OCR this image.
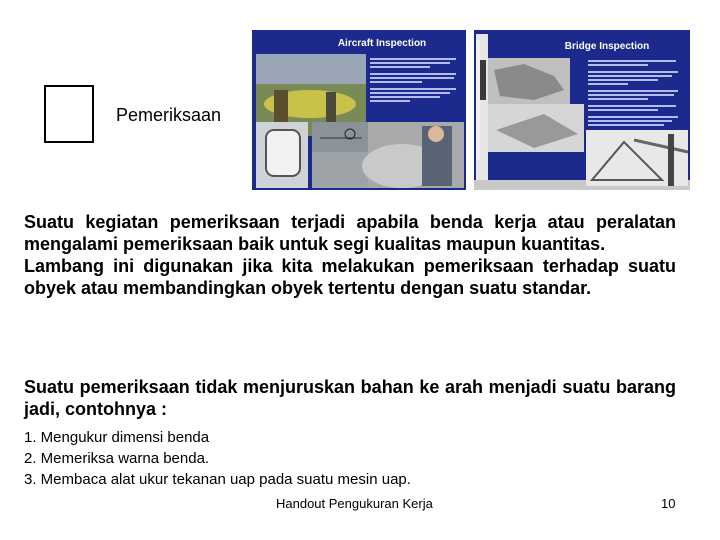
Pemeriksaan
Aircraft Inspection	Bridge Inspection
Suatu kegiatan pemeriksaan terjadi apabila benda kerja atau peralatan mengalami pemeriksaan baik untuk segi kualitas maupun kuantitas.
Lambang ini digunakan jika kita melakukan pemeriksaan terhadap suatu obyek atau membandingkan obyek tertentu dengan suatu standar.
Suatu pemeriksaan tidak menjuruskan bahan ke arah menjadi suatu barang jadi, contohnya :
1. Mengukur dimensi benda
2. Memeriksa warna benda.
3. Membaca alat ukur tekanan uap pada suatu mesin uap.
Handout Pengukuran Kerja	10
